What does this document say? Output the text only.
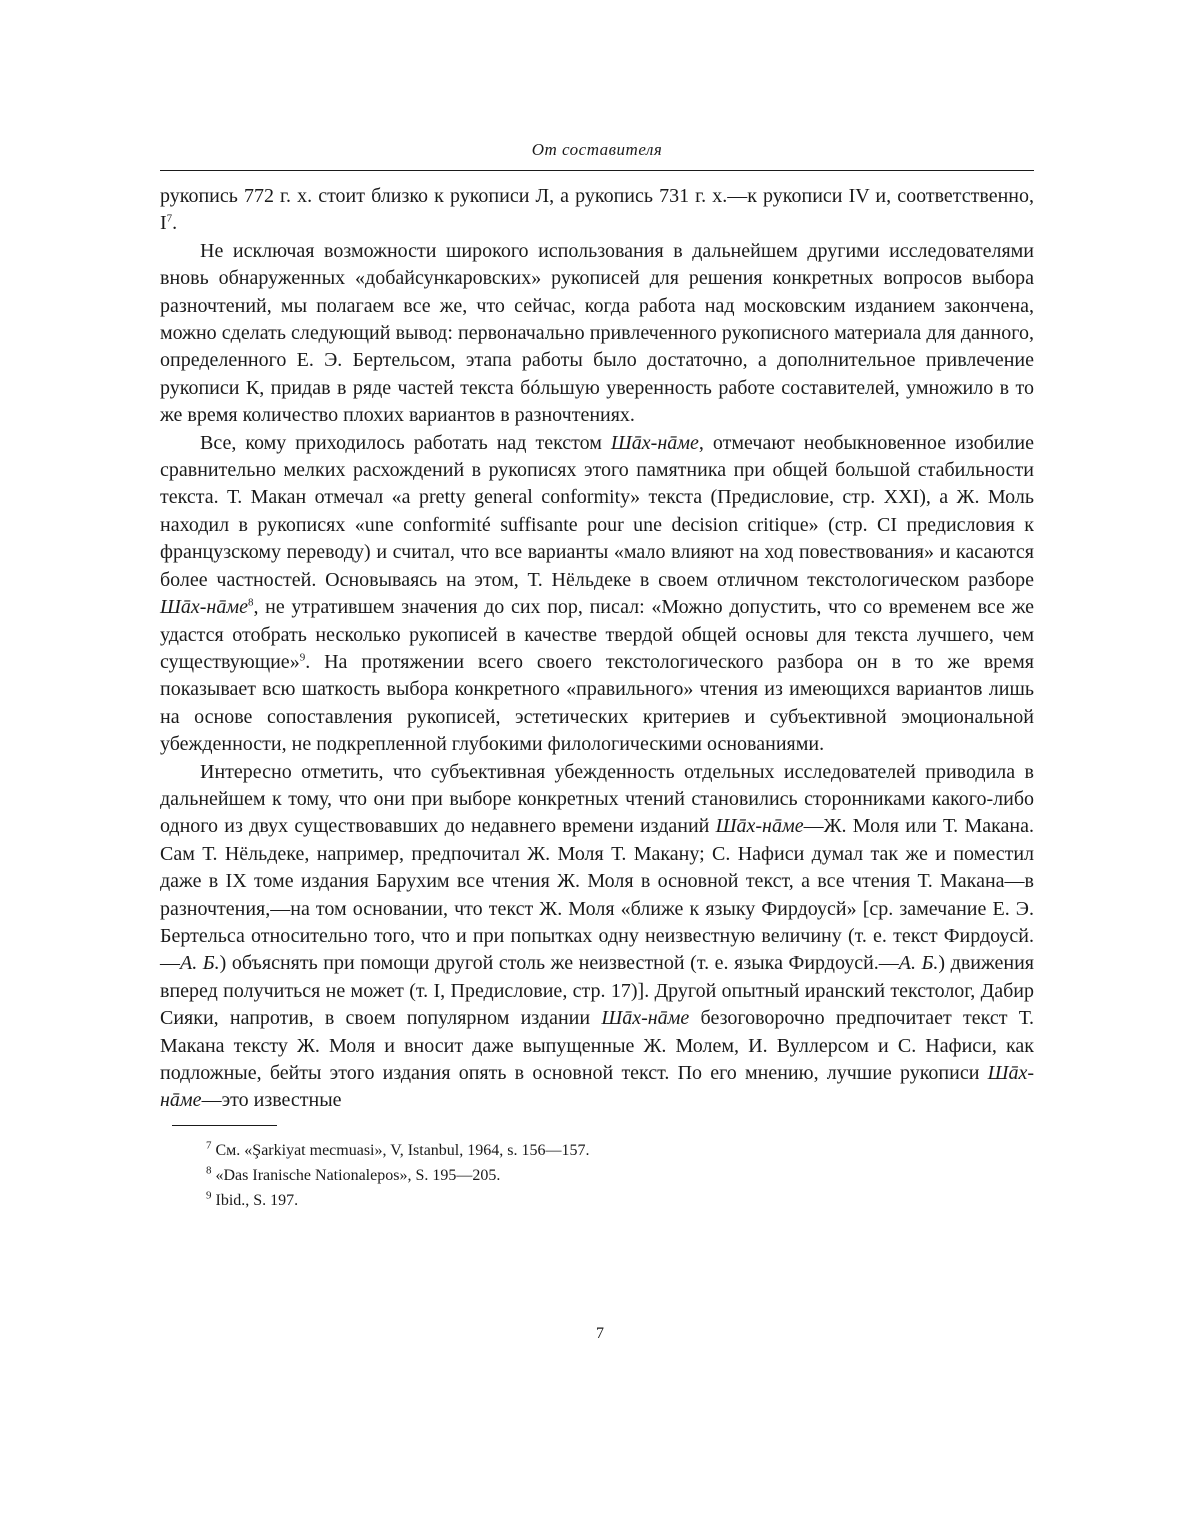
От составителя

рукопись 772 г. х. стоит близко к рукописи Л, а рукопись 731 г. х.—к рукописи IV и, соответственно, $I^7$.

Не исключая возможности широкого использования в дальнейшем другими исследователями вновь обнаруженных «добайсункаровских» рукописей для решения конкретных вопросов выбора разночтений, мы полагаем все же, что сейчас, когда работа над московским изданием закончена, можно сделать следующий вывод: первоначально привлеченного рукописного материала для данного, определенного Е. Э. Бертельсом, этапа работы было достаточно, а дополнительное привлечение рукописи К, придав в ряде частей текста бóльшую уверенность работе составителей, умножило в то же время количество плохих вариантов в разночтениях.

Все, кому приходилось работать над текстом Шāх-нāме, отмечают необыкновенное изобилие сравнительно мелких расхождений в рукописях этого памятника при общей большой стабильности текста. Т. Макан отмечал «a pretty general conformity» текста (Предисловие, стр. XXI), а Ж. Моль находил в рукописях «une conformité suffisante pour une decision critique» (стр. CI предисловия к французскому переводу) и считал, что все варианты «мало влияют на ход повествования» и касаются более частностей. Основываясь на этом, Т. Нёльдеке в своем отличном текстологическом разборе Шāх-нāме$^8$, не утратившем значения до сих пор, писал: «Можно допустить, что со временем все же удастся отобрать несколько рукописей в качестве твердой общей основы для текста лучшего, чем существующие»$^9$. На протяжении всего своего текстологического разбора он в то же время показывает всю шаткость выбора конкретного «правильного» чтения из имеющихся вариантов лишь на основе сопоставления рукописей, эстетических критериев и субъективной эмоциональной убежденности, не подкрепленной глубокими филологическими основаниями.

Интересно отметить, что субъективная убежденность отдельных исследователей приводила в дальнейшем к тому, что они при выборе конкретных чтений становились сторонниками какого-либо одного из двух существовавших до недавнего времени изданий Шāх-нāме—Ж. Моля или Т. Макана. Сам Т. Нёльдеке, например, предпочитал Ж. Моля Т. Макану; С. Нафиси думал так же и поместил даже в IX томе издания Барухим все чтения Ж. Моля в основной текст, а все чтения Т. Макана—в разночтения,—на том основании, что текст Ж. Моля «ближе к языку Фирдоусй» [ср. замечание Е. Э. Бертельса относительно того, что и при попытках одну неизвестную величину (т. е. текст Фирдоусй.—А. Б.) объяснять при помощи другой столь же неизвестной (т. е. языка Фирдоусй.—А. Б.) движения вперед получиться не может (т. I, Предисловие, стр. 17)]. Другой опытный иранский текстолог, Дабир Сияки, напротив, в своем популярном издании Шāх-нāме безоговорочно предпочитает текст Т. Макана тексту Ж. Моля и вносит даже выпущенные Ж. Молем, И. Вуллерсом и С. Нафиси, как подложные, бейты этого издания опять в основной текст. По его мнению, лучшие рукописи Шāх-нāме—это известные

$^7$ См. «Şarkiyat mecmuasi», V, Istanbul, 1964, s. 156—157.
$^8$ «Das Iranische Nationalepos», S. 195—205.
$^9$ Ibid., S. 197.
7
